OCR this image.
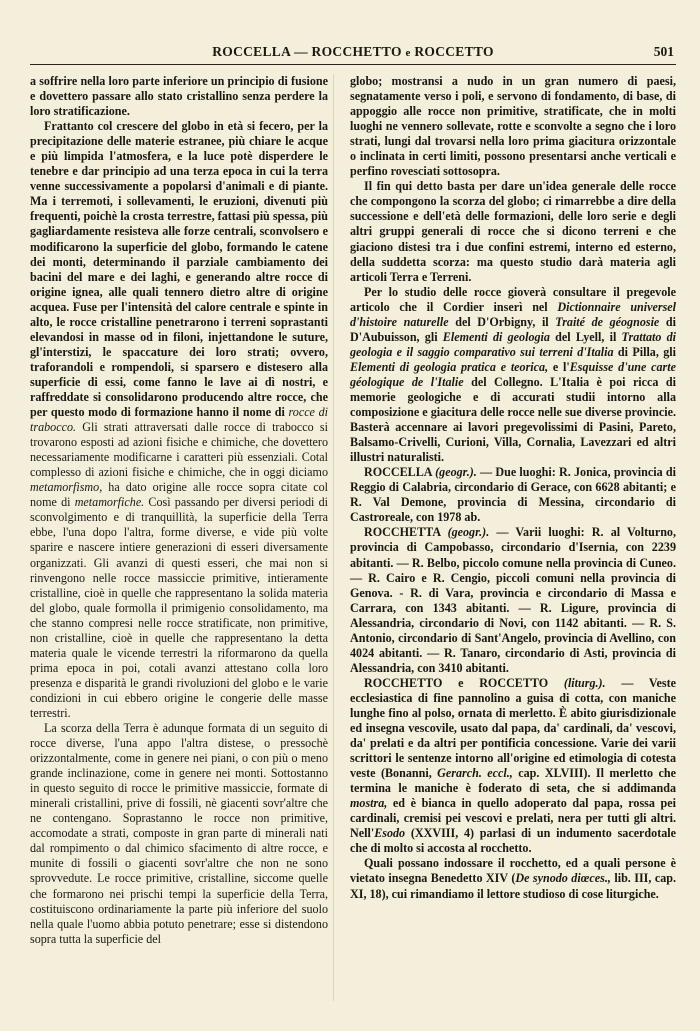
ROCCELLA — ROCCHETTO e ROCCETTO	501

a soffrire nella loro parte inferiore un principio di fusione e dovettero passare allo stato cristallino senza perdere la loro stratificazione.

Frattanto col crescere del globo in età si fecero, per la precipitazione delle materie estranee, più chiare le acque e più limpida l'atmosfera, e la luce potè disperdere le tenebre e dar principio ad una terza epoca in cui la terra venne successivamente a popolarsi d'animali e di piante. Ma i terremoti, i sollevamenti, le eruzioni, divenuti più frequenti, poichè la crosta terrestre, fattasi più spessa, più gagliardamente resisteva alle forze centrali, sconvolsero e modificarono la superficie del globo, formando le catene dei monti, determinando il parziale cambiamento dei bacini del mare e dei laghi, e generando altre rocce di origine ignea, alle quali tennero dietro altre di origine acquea. Fuse per l'intensità del calore centrale e spinte in alto, le rocce cristalline penetrarono i terreni soprastanti elevandosi in masse od in filoni, injettandone le suture, gl'interstizi, le spaccature dei loro strati; ovvero, traforandoli e rompendoli, si sparsero e distesero alla superficie di essi, come fanno le lave ai dì nostri, e raffreddate si consolidarono producendo altre rocce, che per questo modo di formazione hanno il nome di rocce di trabocco. Gli strati attraversati dalle rocce di trabocco si trovarono esposti ad azioni fisiche e chimiche, che dovettero necessariamente modificarne i caratteri più essenziali. Cotal complesso di azioni fisiche e chimiche, che in oggi diciamo metamorfismo, ha dato origine alle rocce sopra citate col nome di metamorfiche. Così passando per diversi periodi di sconvolgimento e di tranquillità, la superficie della Terra ebbe, l'una dopo l'altra, forme diverse, e vide più volte sparire e nascere intiere generazioni di esseri diversamente organizzati. Gli avanzi di questi esseri, che mai non si rinvengono nelle rocce massiccie primitive, intieramente cristalline, cioè in quelle che rappresentano la solida materia del globo, quale formolla il primigenio consolidamento, ma che stanno compresi nelle rocce stratificate, non primitive, non cristalline, cioè in quelle che rappresentano la detta materia quale le vicende terrestri la riformarono da quella prima epoca in poi, cotali avanzi attestano colla loro presenza e disparità le grandi rivoluzioni del globo e le varie condizioni in cui ebbero origine le congerie delle masse terrestri.

La scorza della Terra è adunque formata di un seguito di rocce diverse, l'una appo l'altra distese, o pressochè orizzontalmente, come in genere nei piani, o con più o meno grande inclinazione, come in genere nei monti. Sottostanno in questo seguito di rocce le primitive massiccie, formate di minerali cristallini, prive di fossili, nè giacenti sovr'altre che ne contengano. Soprastanno le rocce non primitive, accomodate a strati, composte in gran parte di minerali nati dal rompimento o dal chimico sfacimento di altre rocce, e munite di fossili o giacenti sovr'altre che non ne sono sprovvedute. Le rocce primitive, cristalline, siccome quelle che formarono nei prischi tempi la superficie della Terra, costituiscono ordinariamente la parte più inferiore del suolo nella quale l'uomo abbia potuto penetrare; esse si distendono sopra tutta la superficie del

globo; mostransi a nudo in un gran numero di paesi, segnatamente verso i poli, e servono di fondamento, di base, di appoggio alle rocce non primitive, stratificate, che in molti luoghi ne vennero sollevate, rotte e sconvolte a segno che i loro strati, lungi dal trovarsi nella loro prima giacitura orizzontale o inclinata in certi limiti, possono presentarsi anche verticali e perfino rovesciati sottosopra.

Il fin qui detto basta per dare un'idea generale delle rocce che compongono la scorza del globo; ci rimarrebbe a dire della successione e dell'età delle formazioni, delle loro serie e degli altri gruppi generali di rocce che si dicono terreni e che giaciono distesi tra i due confini estremi, interno ed esterno, della suddetta scorza: ma questo studio darà materia agli articoli Terra e Terreni.

Per lo studio delle rocce gioverà consultare il pregevole articolo che il Cordier inserì nel Dictionnaire universel d'histoire naturelle del D'Orbigny, il Traité de géognosie di D'Aubuisson, gli Elementi di geologia del Lyell, il Trattato di geologia e il saggio comparativo sui terreni d'Italia di Pilla, gli Elementi di geologia pratica e teorica, e l'Esquisse d'une carte géologique de l'Italie del Collegno. L'Italia è poi ricca di memorie geologiche e di accurati studii intorno alla composizione e giacitura delle rocce nelle sue diverse provincie. Basterà accennare ai lavori pregevolissimi di Pasini, Pareto, Balsamo-Crivelli, Curioni, Villa, Cornalia, Lavezzari ed altri illustri naturalisti.

ROCCELLA (geogr.). — Due luoghi: R. Jonica, provincia di Reggio di Calabria, circondario di Gerace, con 6628 abitanti; e R. Val Demone, provincia di Messina, circondario di Castroreale, con 1978 ab.

ROCCHETTA (geogr.). — Varii luoghi: R. al Volturno, provincia di Campobasso, circondario d'Isernia, con 2239 abitanti. — R. Belbo, piccolo comune nella provincia di Cuneo. — R. Cairo e R. Cengio, piccoli comuni nella provincia di Genova. - R. di Vara, provincia e circondario di Massa e Carrara, con 1343 abitanti. — R. Ligure, provincia di Alessandria, circondario di Novi, con 1142 abitanti. — R. S. Antonio, circondario di Sant'Angelo, provincia di Avellino, con 4024 abitanti. — R. Tanaro, circondario di Asti, provincia di Alessandria, con 3410 abitanti.

ROCCHETTO e ROCCETTO (liturg.). — Veste ecclesiastica di fine pannolino a guisa di cotta, con maniche lunghe fino al polso, ornata di merletto. È abito giurisdizionale ed insegna vescovile, usato dal papa, da' cardinali, da' vescovi, da' prelati e da altri per pontificia concessione. Varie dei varii scrittori le sentenze intorno all'origine ed etimologia di cotesta veste (Bonanni, Gerarch. eccl., cap. XLVIII). Il merletto che termina le maniche è foderato di seta, che si addimanda mostra, ed è bianca in quello adoperato dal papa, rossa pei cardinali, cremisi pei vescovi e prelati, nera per tutti gli altri. Nell'Esodo (XXVIII, 4) parlasi di un indumento sacerdotale che di molto si accosta al rocchetto.

Quali possano indossare il rocchetto, ed a quali persone è vietato insegna Benedetto XIV (De synodo diœces., lib. III, cap. XI, 18), cui rimandiamo il lettore studioso di cose liturgiche.
